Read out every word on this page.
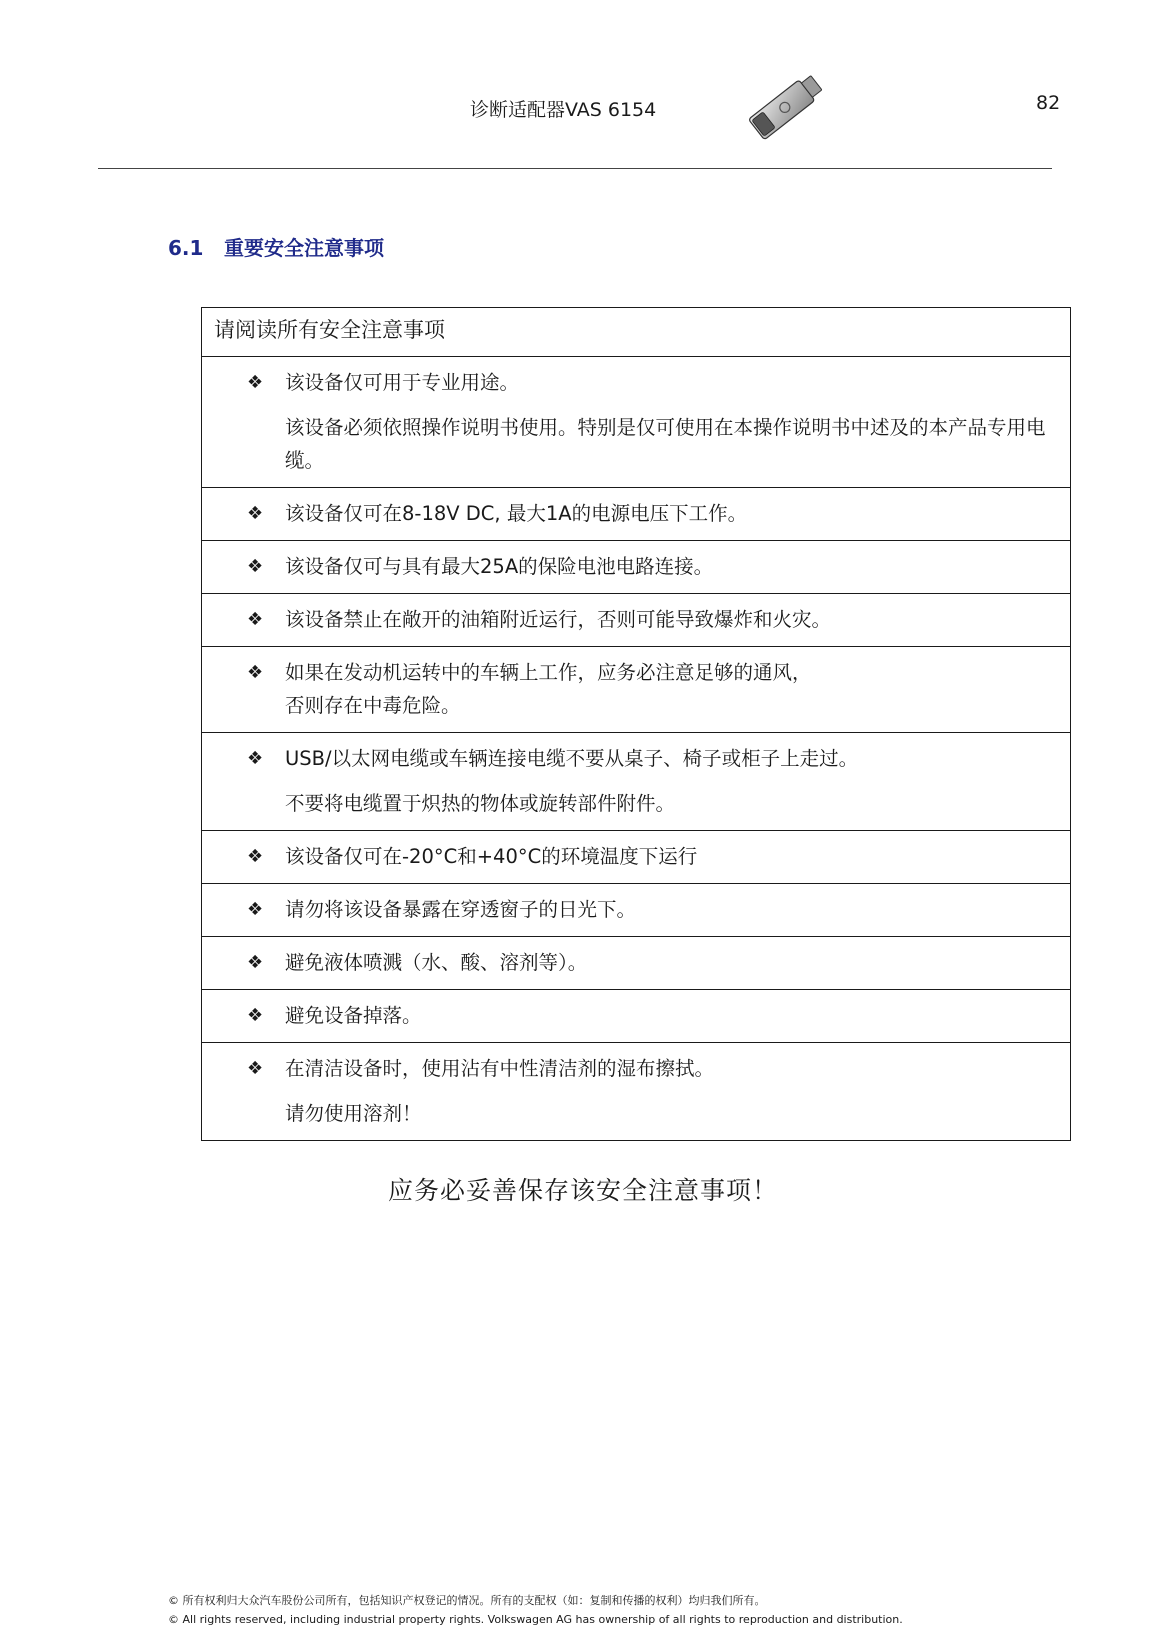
诊断适配器VAS 6154	82
6.1 重要安全注意事项
请阅读所有安全注意事项

❖ 该设备仅可用于专业用途。
该设备必须依照操作说明书使用。特别是仅可使用在本操作说明书中述及的本产品专用电缆。

❖ 该设备仅可在8-18V DC, 最大1A的电源电压下工作。

❖ 该设备仅可与具有最大25A的保险电池电路连接。

❖ 该设备禁止在敞开的油箱附近运行，否则可能导致爆炸和火灾。

❖ 如果在发动机运转中的车辆上工作，应务必注意足够的通风，
否则存在中毒危险。

❖ USB/以太网电缆或车辆连接电缆不要从桌子、椅子或柜子上走过。
不要将电缆置于炽热的物体或旋转部件附件。

❖ 该设备仅可在-20°C和+40°C的环境温度下运行

❖ 请勿将该设备暴露在穿透窗子的日光下。

❖ 避免液体喷溅（水、酸、溶剂等）。

❖ 避免设备掉落。

❖ 在清洁设备时，使用沾有中性清洁剂的湿布擦拭。
请勿使用溶剂！
应务必妥善保存该安全注意事项！
© 所有权利归大众汽车股份公司所有，包括知识产权登记的情况。所有的支配权（如：复制和传播的权利）均归我们所有。
© All rights reserved, including industrial property rights. Volkswagen AG has ownership of all rights to reproduction and distribution.
